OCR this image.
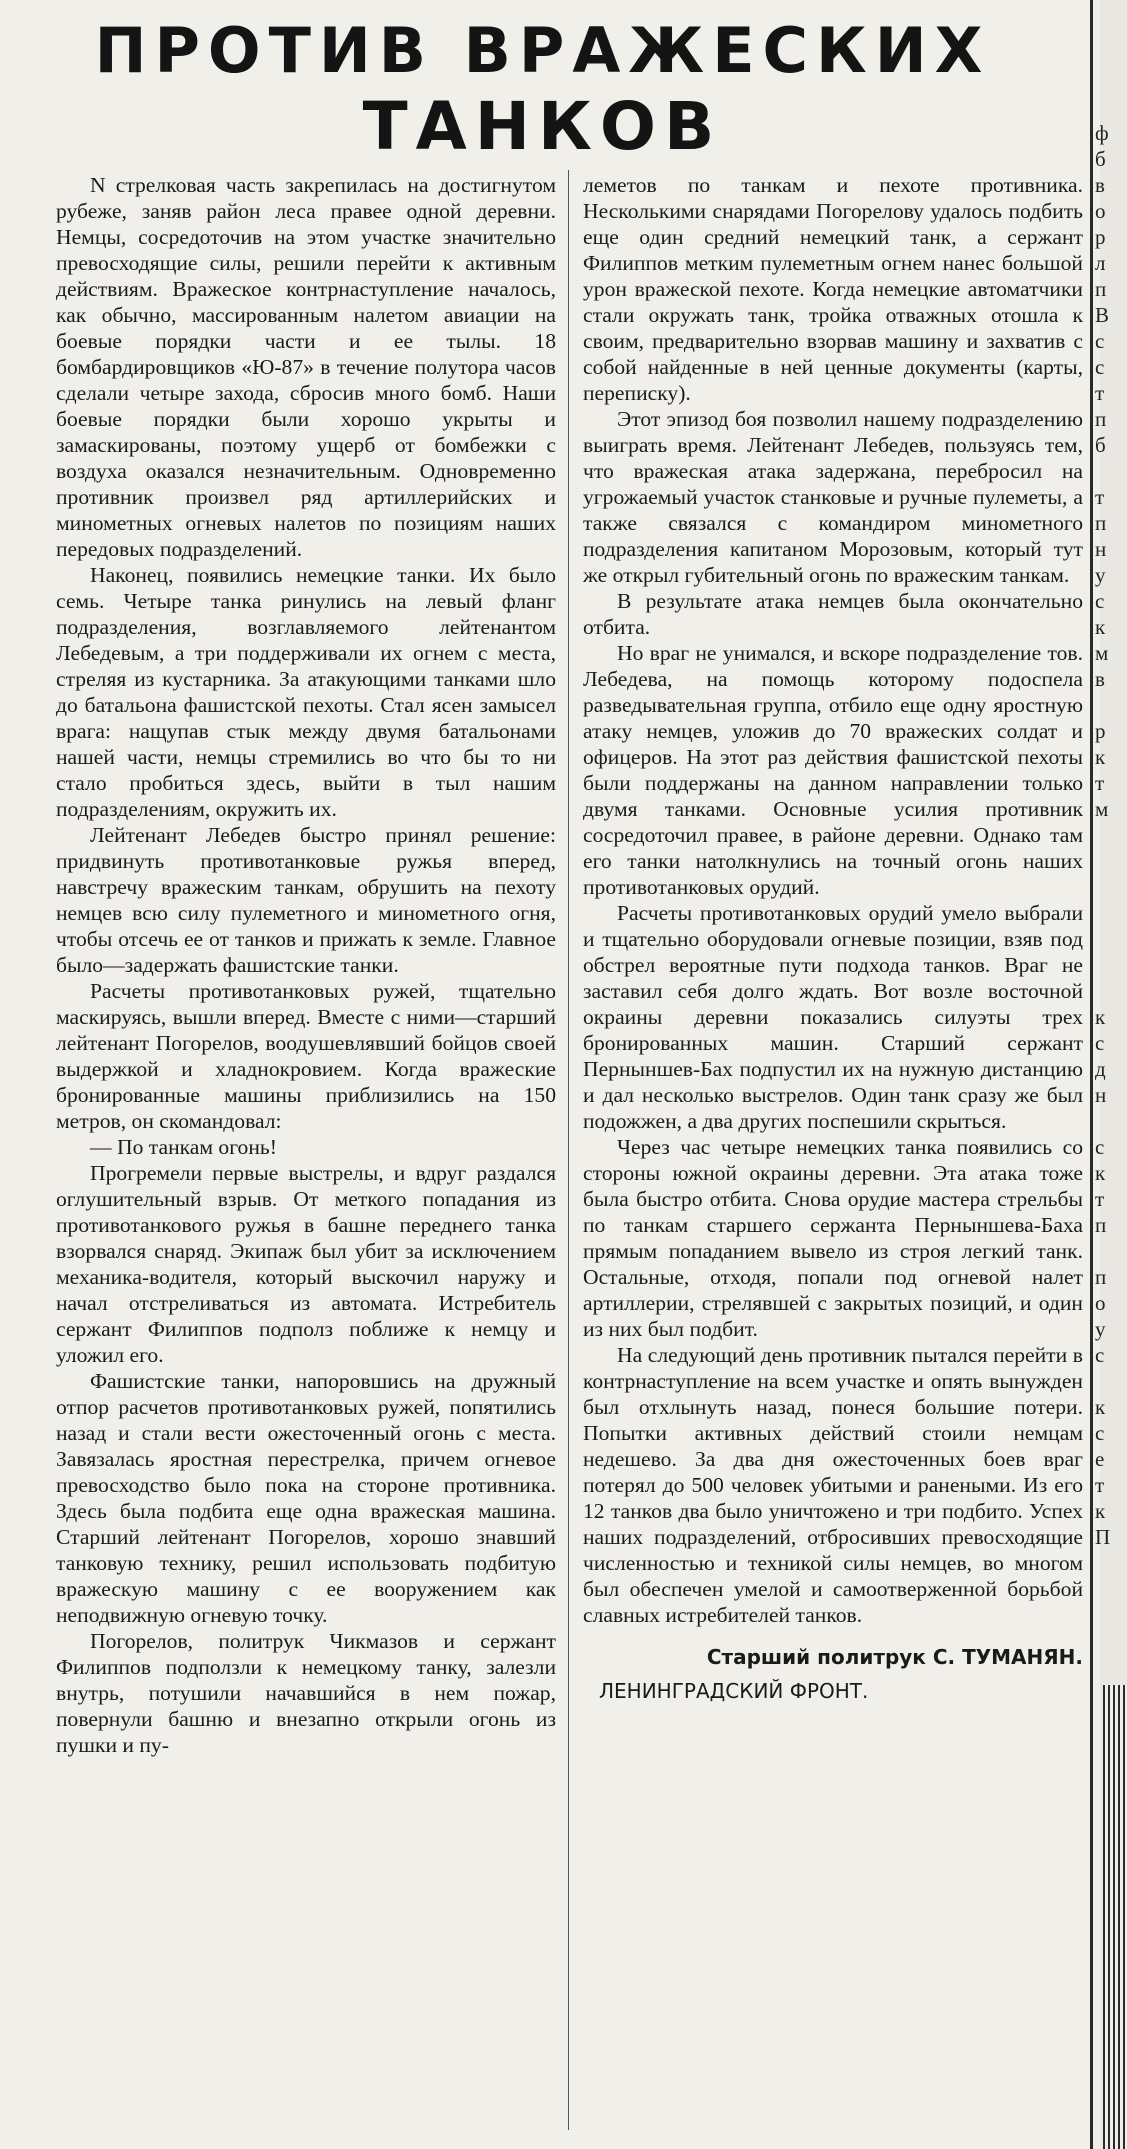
ПРОТИВ ВРАЖЕСКИХ
ТАНКОВ

N стрелковая часть закрепилась на достигнутом рубеже, заняв район леса правее одной деревни. Немцы, сосредоточив на этом участке значительно превосходящие силы, решили перейти к активным действиям. Вражеское контрнаступление началось, как обычно, массированным налетом авиации на боевые порядки части и ее тылы. 18 бомбардировщиков «Ю-87» в течение полутора часов сделали четыре захода, сбросив много бомб. Наши боевые порядки были хорошо укрыты и замаскированы, поэтому ущерб от бомбежки с воздуха оказался незначительным. Одновременно противник произвел ряд артиллерийских и минометных огневых налетов по позициям наших передовых подразделений.

Наконец, появились немецкие танки. Их было семь. Четыре танка ринулись на левый фланг подразделения, возглавляемого лейтенантом Лебедевым, а три поддерживали их огнем с места, стреляя из кустарника. За атакующими танками шло до батальона фашистской пехоты. Стал ясен замысел врага: нащупав стык между двумя батальонами нашей части, немцы стремились во что бы то ни стало пробиться здесь, выйти в тыл нашим подразделениям, окружить их.

Лейтенант Лебедев быстро принял решение: придвинуть противотанковые ружья вперед, навстречу вражеским танкам, обрушить на пехоту немцев всю силу пулеметного и минометного огня, чтобы отсечь ее от танков и прижать к земле. Главное было—задержать фашистские танки.

Расчеты противотанковых ружей, тщательно маскируясь, вышли вперед. Вместе с ними—старший лейтенант Погорелов, воодушевлявший бойцов своей выдержкой и хладнокровием. Когда вражеские бронированные машины приблизились на 150 метров, он скомандовал:

— По танкам огонь!

Прогремели первые выстрелы, и вдруг раздался оглушительный взрыв. От меткого попадания из противотанкового ружья в башне переднего танка взорвался снаряд. Экипаж был убит за исключением механика-водителя, который выскочил наружу и начал отстреливаться из автомата. Истребитель сержант Филиппов подполз поближе к немцу и уложил его.

Фашистские танки, напоровшись на дружный отпор расчетов противотанковых ружей, попятились назад и стали вести ожесточенный огонь с места. Завязалась яростная перестрелка, причем огневое превосходство было пока на стороне противника. Здесь была подбита еще одна вражеская машина. Старший лейтенант Погорелов, хорошо знавший танковую технику, решил использовать подбитую вражескую машину с ее вооружением как неподвижную огневую точку.

Погорелов, политрук Чикмазов и сержант Филиппов подползли к немецкому танку, залезли внутрь, потушили начавшийся в нем пожар, повернули башню и внезапно открыли огонь из пушки и пу-

леметов по танкам и пехоте противника. Несколькими снарядами Погорелову удалось подбить еще один средний немецкий танк, а сержант Филиппов метким пулеметным огнем нанес большой урон вражеской пехоте. Когда немецкие автоматчики стали окружать танк, тройка отважных отошла к своим, предварительно взорвав машину и захватив с собой найденные в ней ценные документы (карты, переписку).

Этот эпизод боя позволил нашему подразделению выиграть время. Лейтенант Лебедев, пользуясь тем, что вражеская атака задержана, перебросил на угрожаемый участок станковые и ручные пулеметы, а также связался с командиром минометного подразделения капитаном Морозовым, который тут же открыл губительный огонь по вражеским танкам.

В результате атака немцев была окончательно отбита.

Но враг не унимался, и вскоре подразделение тов. Лебедева, на помощь которому подоспела разведывательная группа, отбило еще одну яростную атаку немцев, уложив до 70 вражеских солдат и офицеров. На этот раз действия фашистской пехоты были поддержаны на данном направлении только двумя танками. Основные усилия противник сосредоточил правее, в районе деревни. Однако там его танки натолкнулись на точный огонь наших противотанковых орудий.

Расчеты противотанковых орудий умело выбрали и тщательно оборудовали огневые позиции, взяв под обстрел вероятные пути подхода танков. Враг не заставил себя долго ждать. Вот возле восточной окраины деревни показались силуэты трех бронированных машин. Старший сержант Перныншев-Бах подпустил их на нужную дистанцию и дал несколько выстрелов. Один танк сразу же был подожжен, а два других поспешили скрыться.

Через час четыре немецких танка появились со стороны южной окраины деревни. Эта атака тоже была быстро отбита. Снова орудие мастера стрельбы по танкам старшего сержанта Перныншева-Баха прямым попаданием вывело из строя легкий танк. Остальные, отходя, попали под огневой налет артиллерии, стрелявшей с закрытых позиций, и один из них был подбит.

На следующий день противник пытался перейти в контрнаступление на всем участке и опять вынужден был отхлынуть назад, понеся большие потери. Попытки активных действий стоили немцам недешево. За два дня ожесточенных боев враг потерял до 500 человек убитыми и ранеными. Из его 12 танков два было уничтожено и три подбито. Успех наших подразделений, отбросивших превосходящие численностью и техникой силы немцев, во многом был обеспечен умелой и самоотверженной борьбой славных истребителей танков.

Старший политрук С. ТУМАНЯН.

ЛЕНИНГРАДСКИЙ ФРОНТ.

ф
б
в
о
р
л
п
В
с
с
т
п
б

т
п
н
у
с
к
м
в

р
к
т
м

к
с
д
н

с
к
т
п

п
о
у
с

к
с
е
т
к
П
